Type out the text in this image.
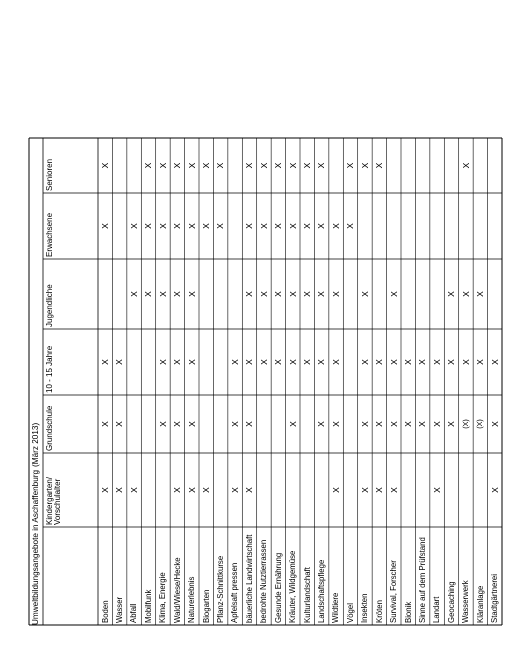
Umweltbildungsangebote in Aschaffenburg(März 2013)
Kindergarten/ Vorschulalter
Grundschule
10 - 15 Jahre
Jugendliche
Erwachsene
Senioren
Boden
X
X
X
X
X
Wasser
X
X
X
Abfall
X
X
X
Mobilfunk
X
X
X
Klima, Energie
X
X
X
X
X
Wald/Wiese/Hecke
X
X
X
X
X
X
Naturerlebnis
X
X
X
X
X
X
Biogarten
X
X
X
Pflanz-Schnittkurse
X
X
Apfelsaft pressen
X
X
X
bäuerliche Landwirtschaft
X
X
X
X
X
X
bedrohte Nutztierrassen
X
X
X
X
Gesunde Ernährung
X
X
X
X
Kräuter, Wildgemüse
X
X
X
X
X
Kulturlandschaft
X
X
X
X
Landschaftspflege
X
X
X
X
X
Wildtiere
X
X
X
X
X
Vögel
X
X
Insekten
X
X
X
X
X
Kröten
X
X
X
X
Survival, Forscher
X
X
X
X
Bionik
X
X
Sinne auf dem Prüfstand
X
X
Landart
X
X
X
Geocaching
X
X
X
Wasserwerk
(X)
X
X
X
Kläranlage
(X)
X
X
Stadtgärtnerei
X
X
X
